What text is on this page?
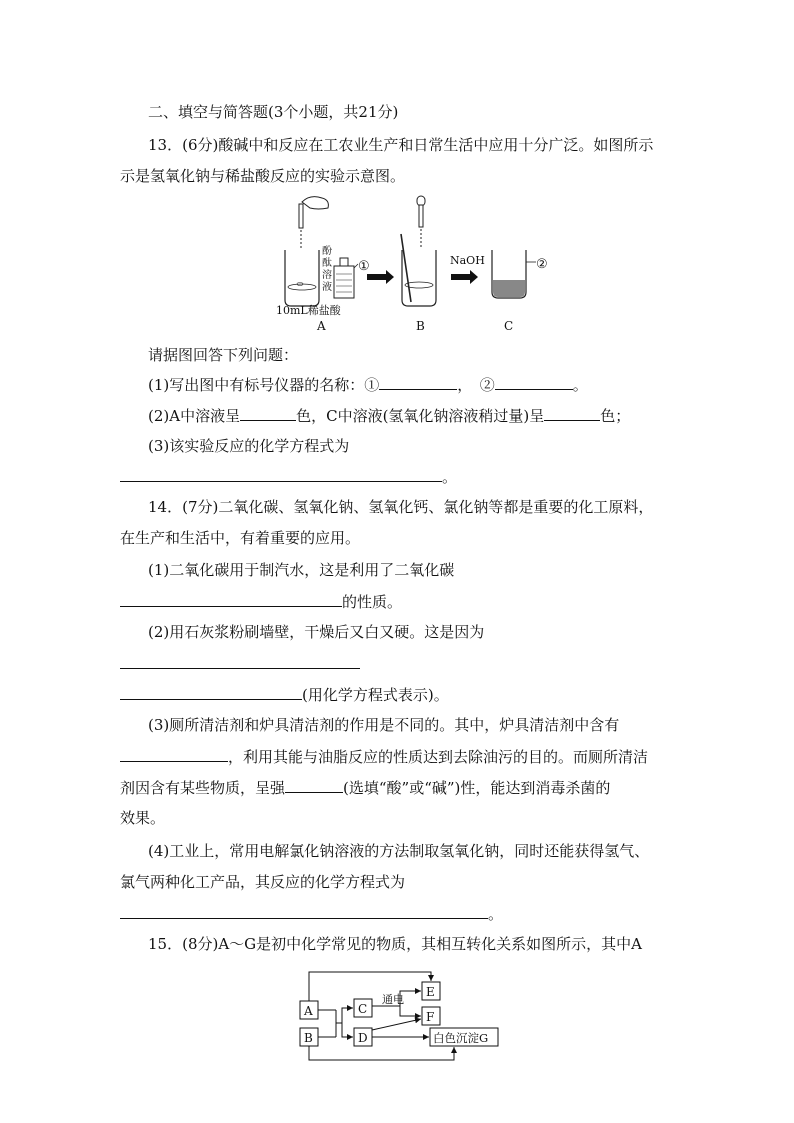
二、填空与简答题(3个小题，共21分)
13．(6分)酸碱中和反应在工农业生产和日常生活中应用十分广泛。如图所示
示是氢氧化钠与稀盐酸反应的实验示意图。
酚
酞
溶
液
①	NaOH	②
10mL稀盐酸
A	B	C
请据图回答下列问题：
(1)写出图中有标号仪器的名称：①	，　②	。
(2)A中溶液呈	色，C中溶液(氢氧化钠溶液稍过量)呈	色；
(3)该实验反应的化学方程式为
。
14．(7分)二氧化碳、氢氧化钠、氢氧化钙、氯化钠等都是重要的化工原料，
在生产和生活中，有着重要的应用。
(1)二氧化碳用于制汽水，这是利用了二氧化碳
的性质。
(2)用石灰浆粉刷墙壁，干燥后又白又硬。这是因为
(用化学方程式表示)。
(3)厕所清洁剂和炉具清洁剂的作用是不同的。其中，炉具清洁剂中含有
，利用其能与油脂反应的性质达到去除油污的目的。而厕所清洁
剂因含有某些物质，呈强	(选填“酸”或“碱”)性，能达到消毒杀菌的
效果。
(4)工业上，常用电解氯化钠溶液的方法制取氢氧化钠，同时还能获得氢气、
氯气两种化工产品，其反应的化学方程式为
。
15．(8分)A～G是初中化学常见的物质，其相互转化关系如图所示，其中A
A
B
C
D
E
F
白色沉淀G
通电
